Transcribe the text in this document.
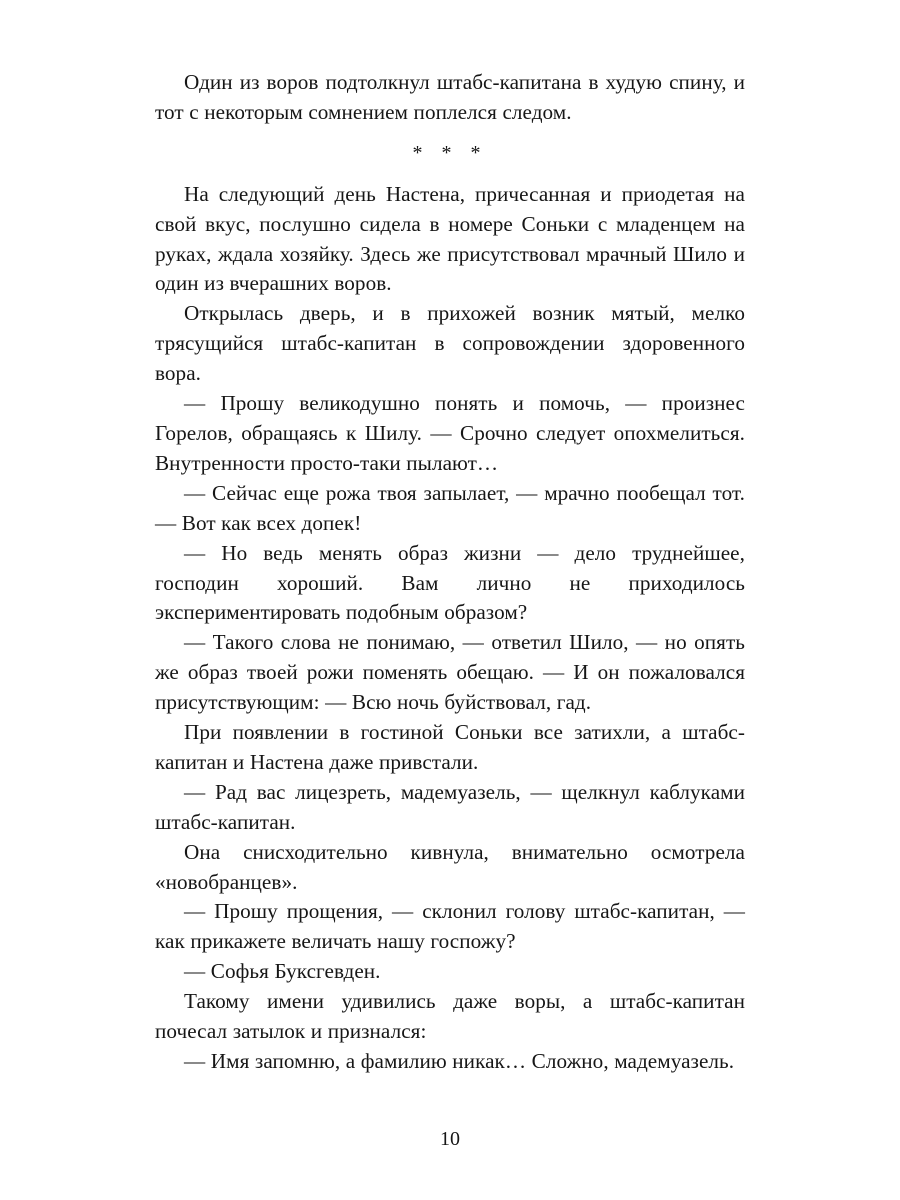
Один из воров подтолкнул штабс-капитана в худую спину, и тот с некоторым сомнением поплелся следом.

* * *

На следующий день Настена, причесанная и приодетая на свой вкус, послушно сидела в номере Соньки с младенцем на руках, ждала хозяйку. Здесь же присутствовал мрачный Шило и один из вчерашних воров.

Открылась дверь, и в прихожей возник мятый, мелко трясущийся штабс-капитан в сопровождении здоровенного вора.

— Прошу великодушно понять и помочь, — произнес Горелов, обращаясь к Шилу. — Срочно следует опохмелиться. Внутренности просто-таки пылают…

— Сейчас еще рожа твоя запылает, — мрачно пообещал тот. — Вот как всех допек!

— Но ведь менять образ жизни — дело труднейшее, господин хороший. Вам лично не приходилось экспериментировать подобным образом?

— Такого слова не понимаю, — ответил Шило, — но опять же образ твоей рожи поменять обещаю. — И он пожаловался присутствующим: — Всю ночь буйствовал, гад.

При появлении в гостиной Соньки все затихли, а штабс-капитан и Настена даже привстали.

— Рад вас лицезреть, мадемуазель, — щелкнул каблуками штабс-капитан.

Она снисходительно кивнула, внимательно осмотрела «новобранцев».

— Прошу прощения, — склонил голову штабс-капитан, — как прикажете величать нашу госпожу?

— Софья Буксгевден.

Такому имени удивились даже воры, а штабс-капитан почесал затылок и признался:

— Имя запомню, а фамилию никак… Сложно, мадемуазель.

10
